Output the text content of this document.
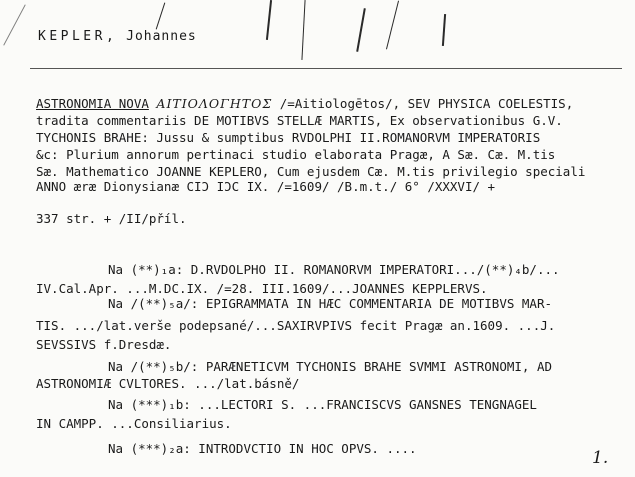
KEPLER, Johannes
ASTRONOMIA NOVA ΑΙΤΙΟΛΟΓΗΤΟΣ /=Aitiologētos/, SEV PHYSICA COELESTIS,
tradita commentariis DE MOTIBVS STELLÆ MARTIS, Ex observationibus G.V.
TYCHONIS BRAHE: Jussu & sumptibus RVDOLPHI II.ROMANORVM IMPERATORIS
&c: Plurium annorum pertinaci studio elaborata Pragæ, A Sæ. Cæ. M.tis
Sæ. Mathematico JOANNE KEPLERO, Cum ejusdem Cæ. M.tis privilegio speciali ANNO æræ Dionysianæ CIƆ IƆC IX. /=1609/ /B.m.t./ 6° /XXXVI/ +
337 str. + /II/příl.
Na (**)₁a: D.RVDOLPHO II. ROMANORVM IMPERATORI.../(**)₄b/...
IV.Cal.Apr. ...M.DC.IX. /=28. III.1609/...JOANNES KEPPLERVS.
Na /(**)₅a/: EPIGRAMMATA IN HÆC COMMENTARIA DE MOTIBVS MAR-
TIS. .../lat.verše podepsané/...SAXIRVPIVS fecit Pragæ an.1609. ...J.
SEVSSIVS f.Dresdæ.
Na /(**)₅b/: PARÆNETICVM TYCHONIS BRAHE SVMMI ASTRONOMI, AD
ASTRONOMIÆ CVLTORES. .../lat.básně/
Na (***)₁b: ...LECTORI S. ...FRANCISCVS GANSNES TENGNAGEL
IN CAMPP. ...Consiliarius.
Na (***)₂a: INTRODVCTIO IN HOC OPVS. ....	1.
